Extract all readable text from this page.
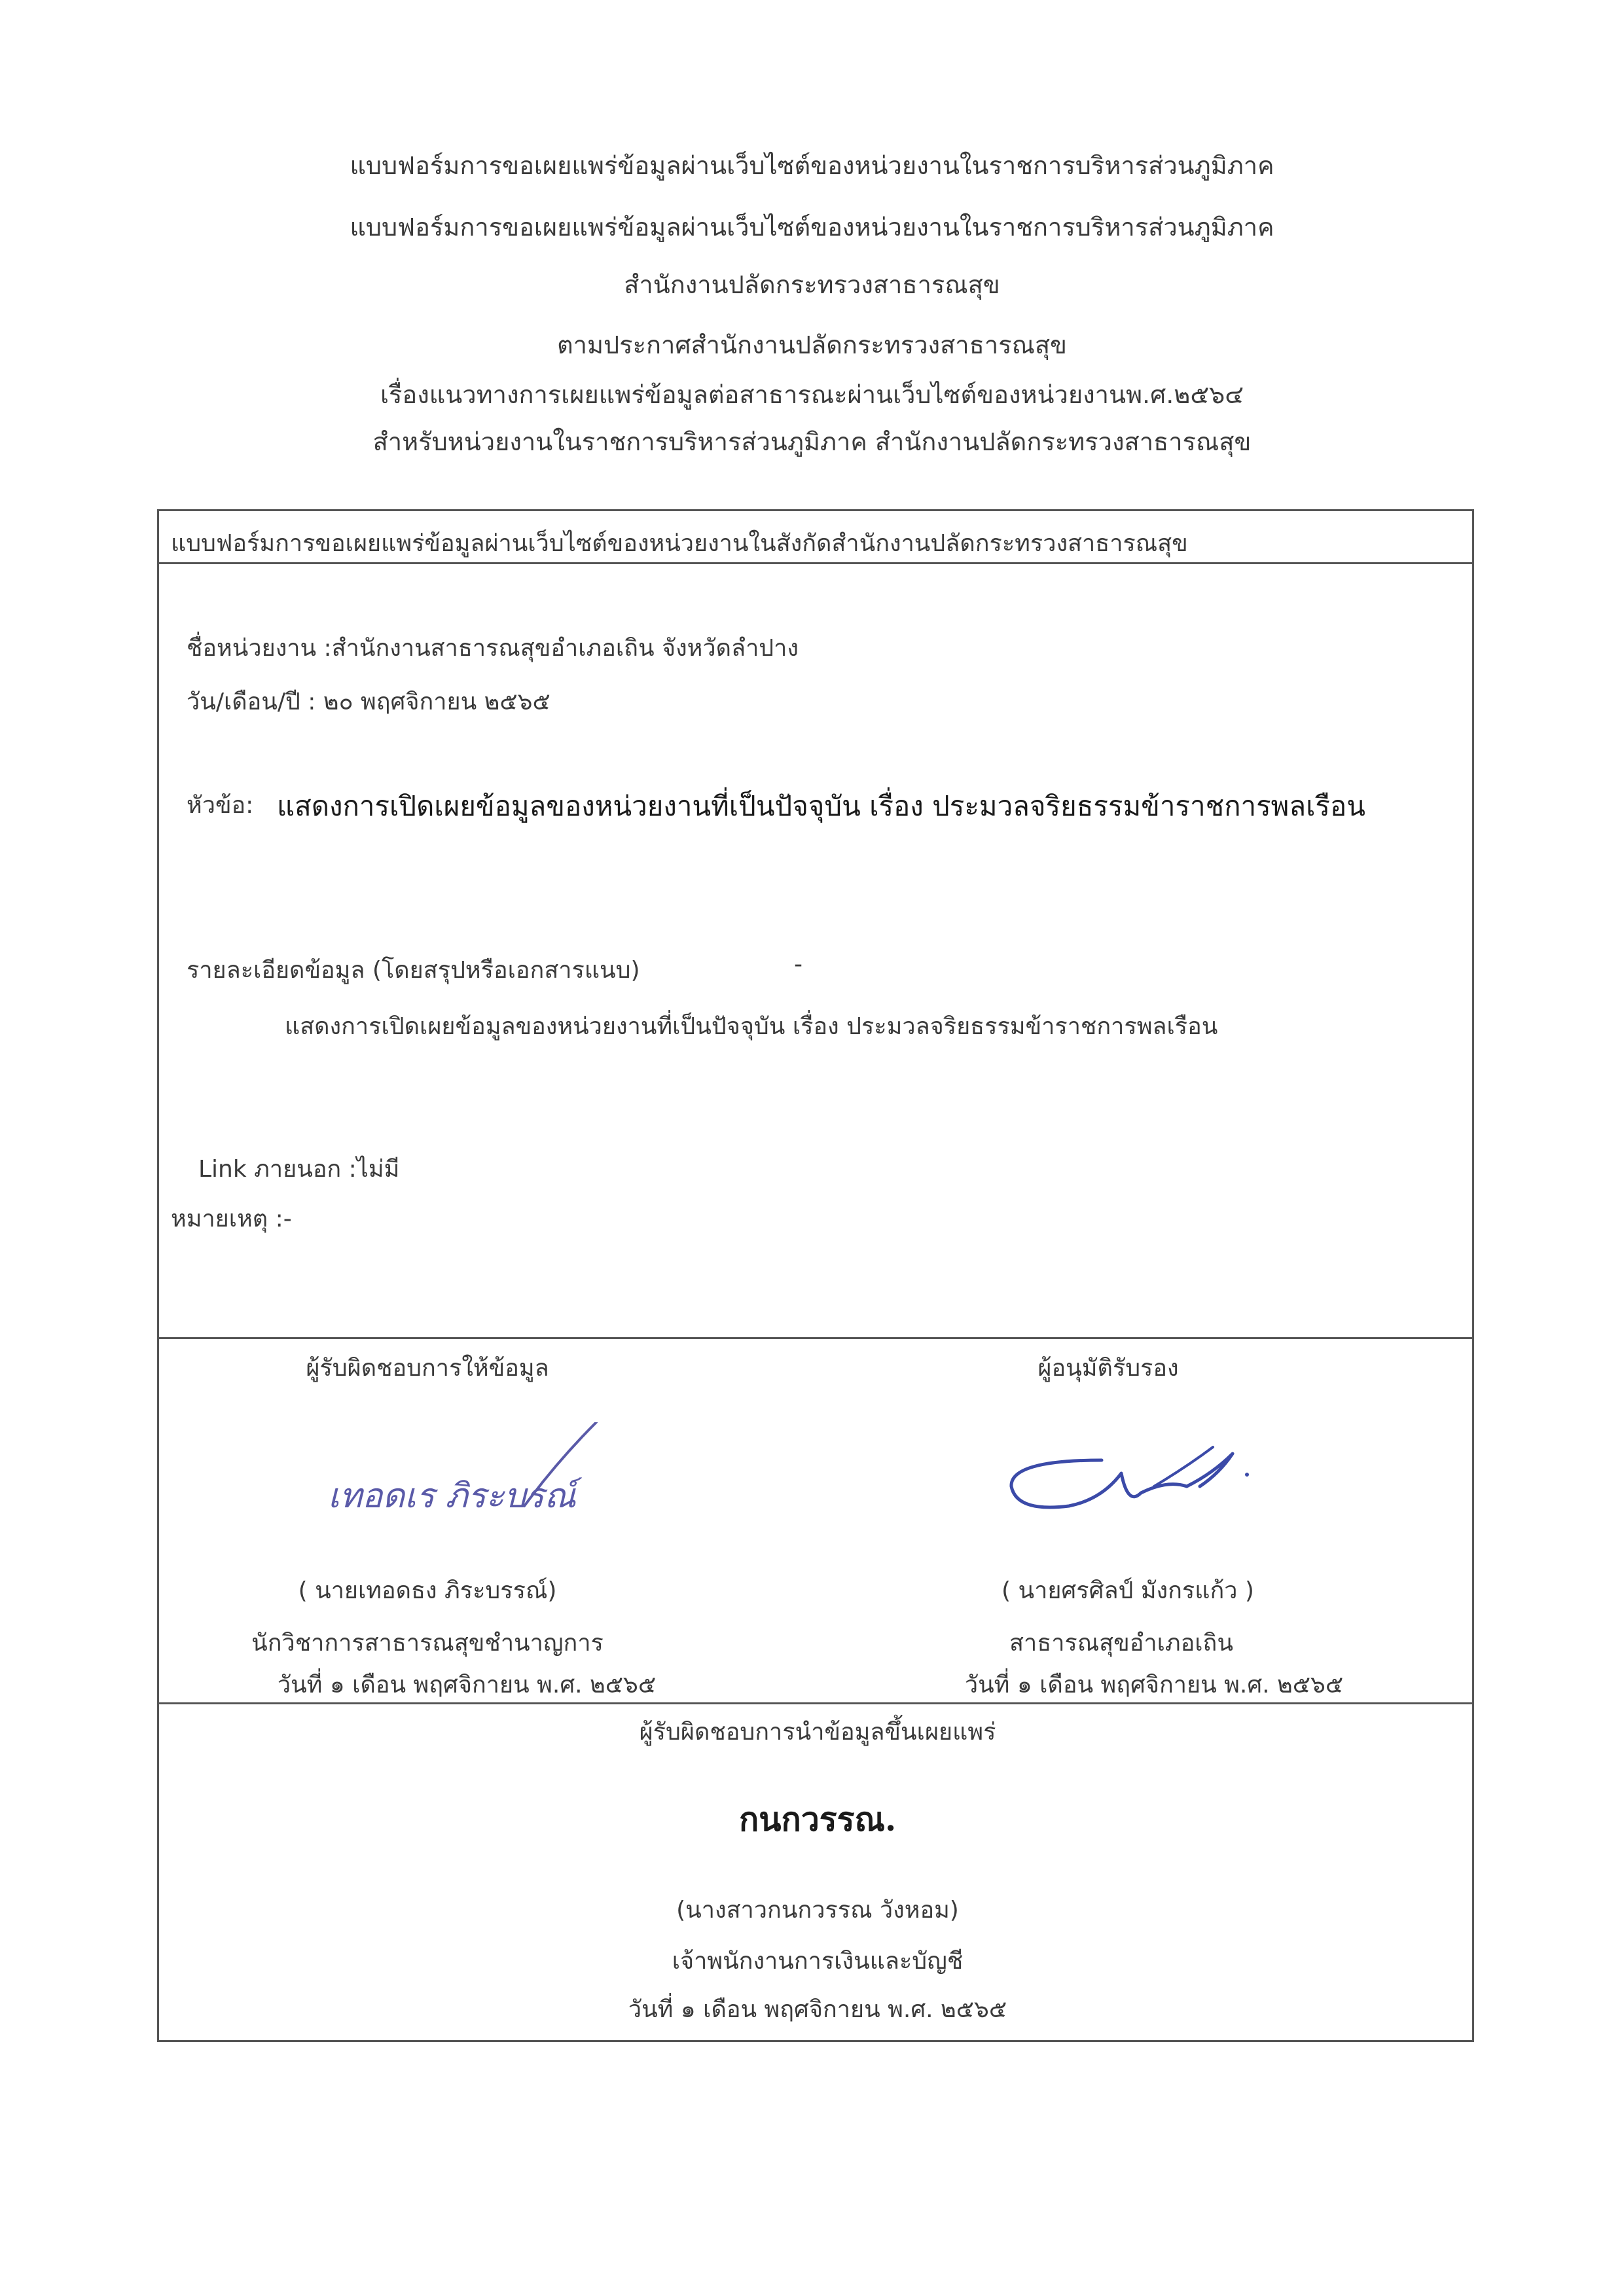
แบบฟอร์มการขอเผยแพร่ข้อมูลผ่านเว็บไซต์ของหน่วยงานในราชการบริหารส่วนภูมิภาค
แบบฟอร์มการขอเผยแพร่ข้อมูลผ่านเว็บไซต์ของหน่วยงานในราชการบริหารส่วนภูมิภาค
สำนักงานปลัดกระทรวงสาธารณสุข
ตามประกาศสำนักงานปลัดกระทรวงสาธารณสุข
เรื่องแนวทางการเผยแพร่ข้อมูลต่อสาธารณะผ่านเว็บไซต์ของหน่วยงานพ.ศ.๒๕๖๔
สำหรับหน่วยงานในราชการบริหารส่วนภูมิภาค สำนักงานปลัดกระทรวงสาธารณสุข
แบบฟอร์มการขอเผยแพร่ข้อมูลผ่านเว็บไซต์ของหน่วยงานในสังกัดสำนักงานปลัดกระทรวงสาธารณสุข
ชื่อหน่วยงาน :สำนักงานสาธารณสุขอำเภอเถิน จังหวัดลำปาง
วัน/เดือน/ปี : ๒๐ พฤศจิกายน ๒๕๖๕
หัวข้อ: แสดงการเปิดเผยข้อมูลของหน่วยงานที่เป็นปัจจุบัน เรื่อง ประมวลจริยธรรมข้าราชการพลเรือน
รายละเอียดข้อมูล (โดยสรุปหรือเอกสารแนบ)	-
แสดงการเปิดเผยข้อมูลของหน่วยงานที่เป็นปัจจุบัน เรื่อง ประมวลจริยธรรมข้าราชการพลเรือน
Link ภายนอก :ไม่มี
หมายเหตุ :-
ผู้รับผิดชอบการให้ข้อมูล
เทอดเร ภิระบรณ์
( นายเทอดธง ภิระบรรณ์)
นักวิชาการสาธารณสุขชำนาญการ
วันที่ ๑ เดือน พฤศจิกายน พ.ศ. ๒๕๖๕
ผู้อนุมัติรับรอง
( นายศรศิลป์ มังกรแก้ว )
สาธารณสุขอำเภอเถิน
วันที่ ๑ เดือน พฤศจิกายน พ.ศ. ๒๕๖๕
ผู้รับผิดชอบการนำข้อมูลขึ้นเผยแพร่
กนกวรรณ.
(นางสาวกนกวรรณ วังหอม)
เจ้าพนักงานการเงินและบัญชี
วันที่ ๑ เดือน พฤศจิกายน พ.ศ. ๒๕๖๕
